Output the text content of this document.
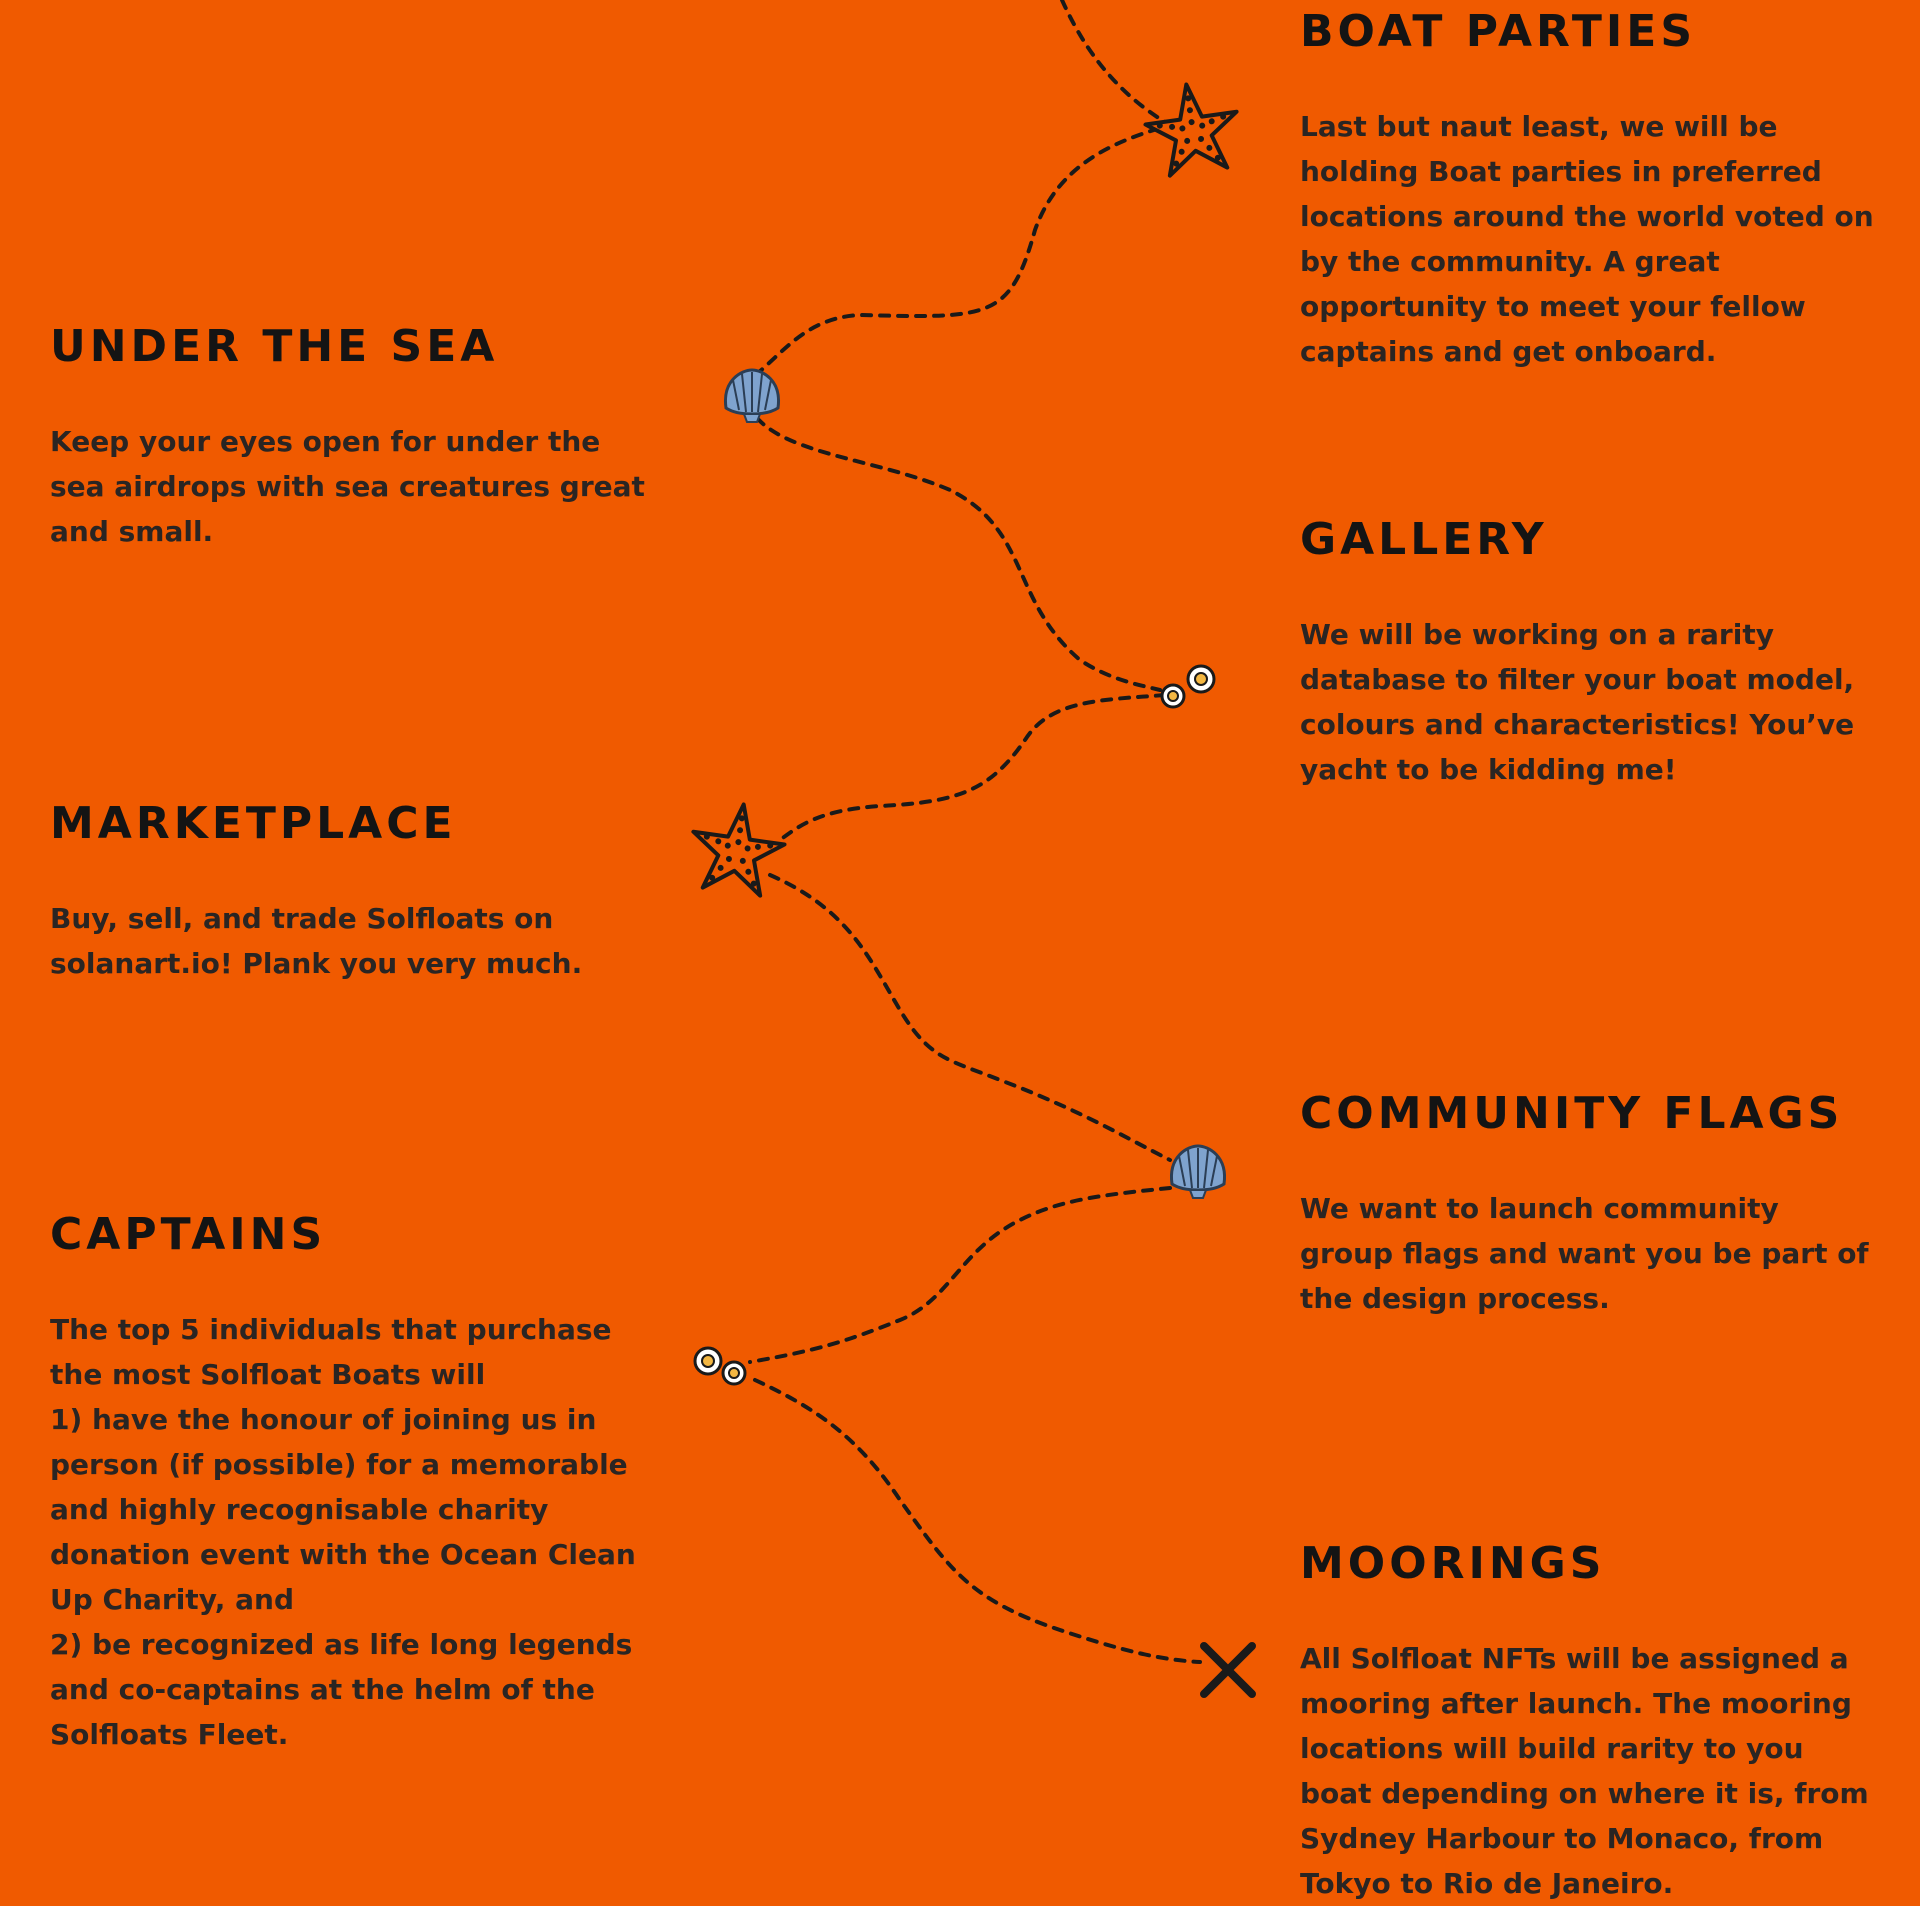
BOAT PARTIES

Last but naut least, we will be holding Boat parties in preferred locations around the world voted on by the community. A great opportunity to meet your fellow captains and get onboard.

UNDER THE SEA

Keep your eyes open for under the sea airdrops with sea creatures great and small.	GALLERY

We will be working on a rarity database to filter your boat model, colours and characteristics! You’ve yacht to be kidding me!

MARKETPLACE

Buy, sell, and trade Solfloats on solanart.io! Plank you very much.

COMMUNITY FLAGS

We want to launch community group flags and want you be part of the design process.

CAPTAINS

The top 5 individuals that purchase the most Solfloat Boats will

1) have the honour of joining us in person (if possible) for a memorable and highly recognisable charity donation event with the Ocean Clean Up Charity, and

2) be recognized as life long legends and co-captains at the helm of the Solfloats Fleet.

MOORINGS

All Solfloat NFTs will be assigned a mooring after launch. The mooring locations will build rarity to you boat depending on where it is, from Sydney Harbour to Monaco, from Tokyo to Rio de Janeiro.
